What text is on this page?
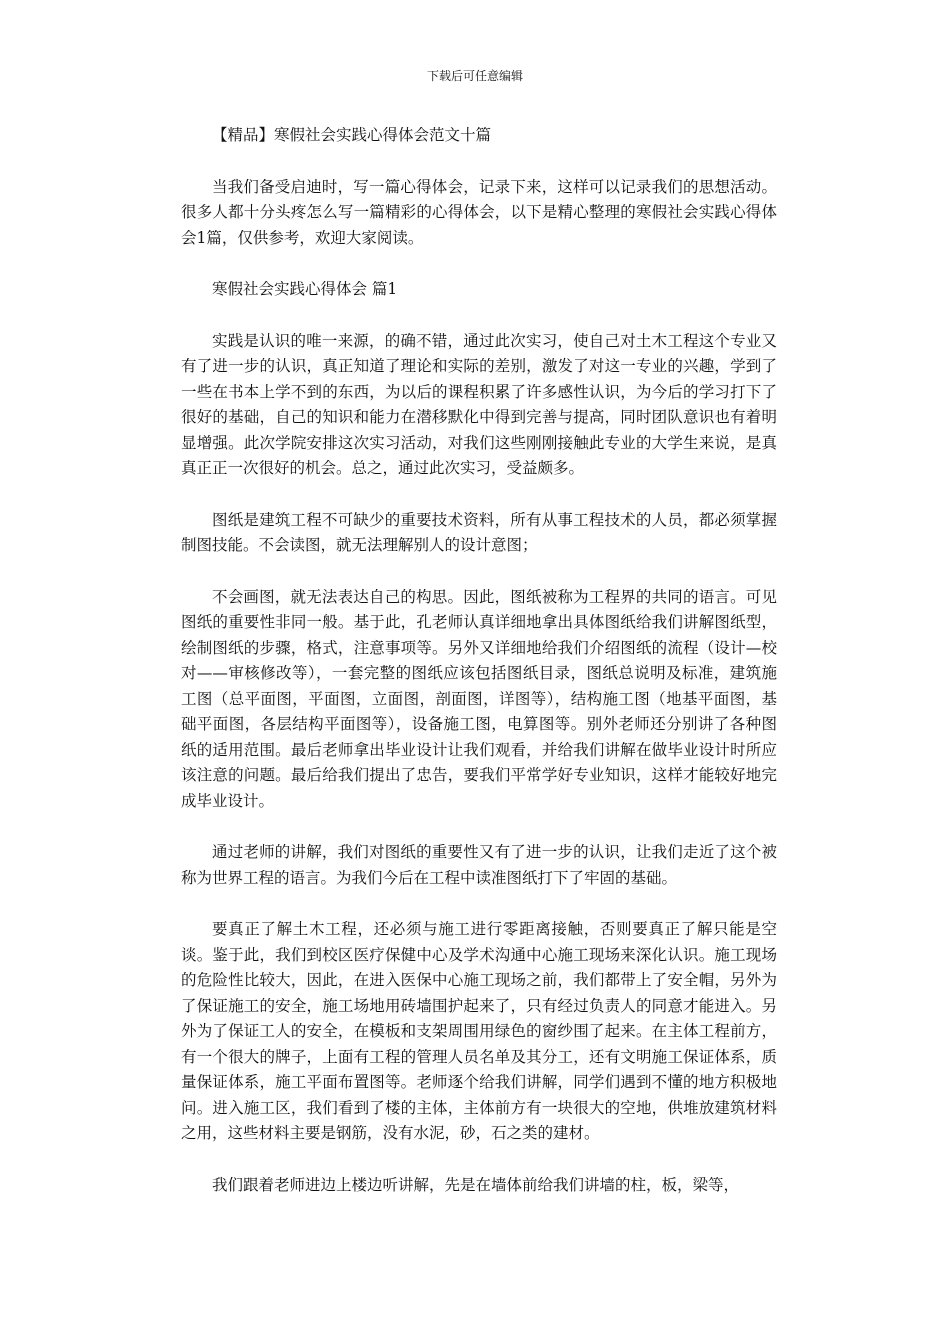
下载后可任意编辑
【精品】寒假社会实践心得体会范文十篇

当我们备受启迪时，写一篇心得体会，记录下来，这样可以记录我们的思想活动。很多人都十分头疼怎么写一篇精彩的心得体会，以下是精心整理的寒假社会实践心得体会1篇，仅供参考，欢迎大家阅读。

寒假社会实践心得体会 篇1

实践是认识的唯一来源，的确不错，通过此次实习，使自己对土木工程这个专业又有了进一步的认识，真正知道了理论和实际的差别，激发了对这一专业的兴趣，学到了一些在书本上学不到的东西，为以后的课程积累了许多感性认识，为今后的学习打下了很好的基础，自己的知识和能力在潜移默化中得到完善与提高，同时团队意识也有着明显增强。此次学院安排这次实习活动，对我们这些刚刚接触此专业的大学生来说，是真真正正一次很好的机会。总之，通过此次实习，受益颇多。

图纸是建筑工程不可缺少的重要技术资料，所有从事工程技术的人员，都必须掌握制图技能。不会读图，就无法理解别人的设计意图；

不会画图，就无法表达自己的构思。因此，图纸被称为工程界的共同的语言。可见图纸的重要性非同一般。基于此，孔老师认真详细地拿出具体图纸给我们讲解图纸型，绘制图纸的步骤，格式，注意事项等。另外又详细地给我们介绍图纸的流程（设计—校对——审核修改等），一套完整的图纸应该包括图纸目录，图纸总说明及标准，建筑施工图（总平面图，平面图，立面图，剖面图，详图等），结构施工图（地基平面图，基础平面图，各层结构平面图等），设备施工图，电算图等。别外老师还分别讲了各种图纸的适用范围。最后老师拿出毕业设计让我们观看，并给我们讲解在做毕业设计时所应该注意的问题。最后给我们提出了忠告，要我们平常学好专业知识，这样才能较好地完成毕业设计。

通过老师的讲解，我们对图纸的重要性又有了进一步的认识，让我们走近了这个被称为世界工程的语言。为我们今后在工程中读准图纸打下了牢固的基础。

要真正了解土木工程，还必须与施工进行零距离接触，否则要真正了解只能是空谈。鉴于此，我们到校区医疗保健中心及学术沟通中心施工现场来深化认识。施工现场的危险性比较大，因此，在进入医保中心施工现场之前，我们都带上了安全帽，另外为了保证施工的安全，施工场地用砖墙围护起来了，只有经过负责人的同意才能进入。另外为了保证工人的安全，在模板和支架周围用绿色的窗纱围了起来。在主体工程前方，有一个很大的牌子，上面有工程的管理人员名单及其分工，还有文明施工保证体系，质量保证体系，施工平面布置图等。老师逐个给我们讲解，同学们遇到不懂的地方积极地问。进入施工区，我们看到了楼的主体，主体前方有一块很大的空地，供堆放建筑材料之用，这些材料主要是钢筋，没有水泥，砂，石之类的建材。

我们跟着老师进边上楼边听讲解，先是在墙体前给我们讲墙的柱，板，梁等，
